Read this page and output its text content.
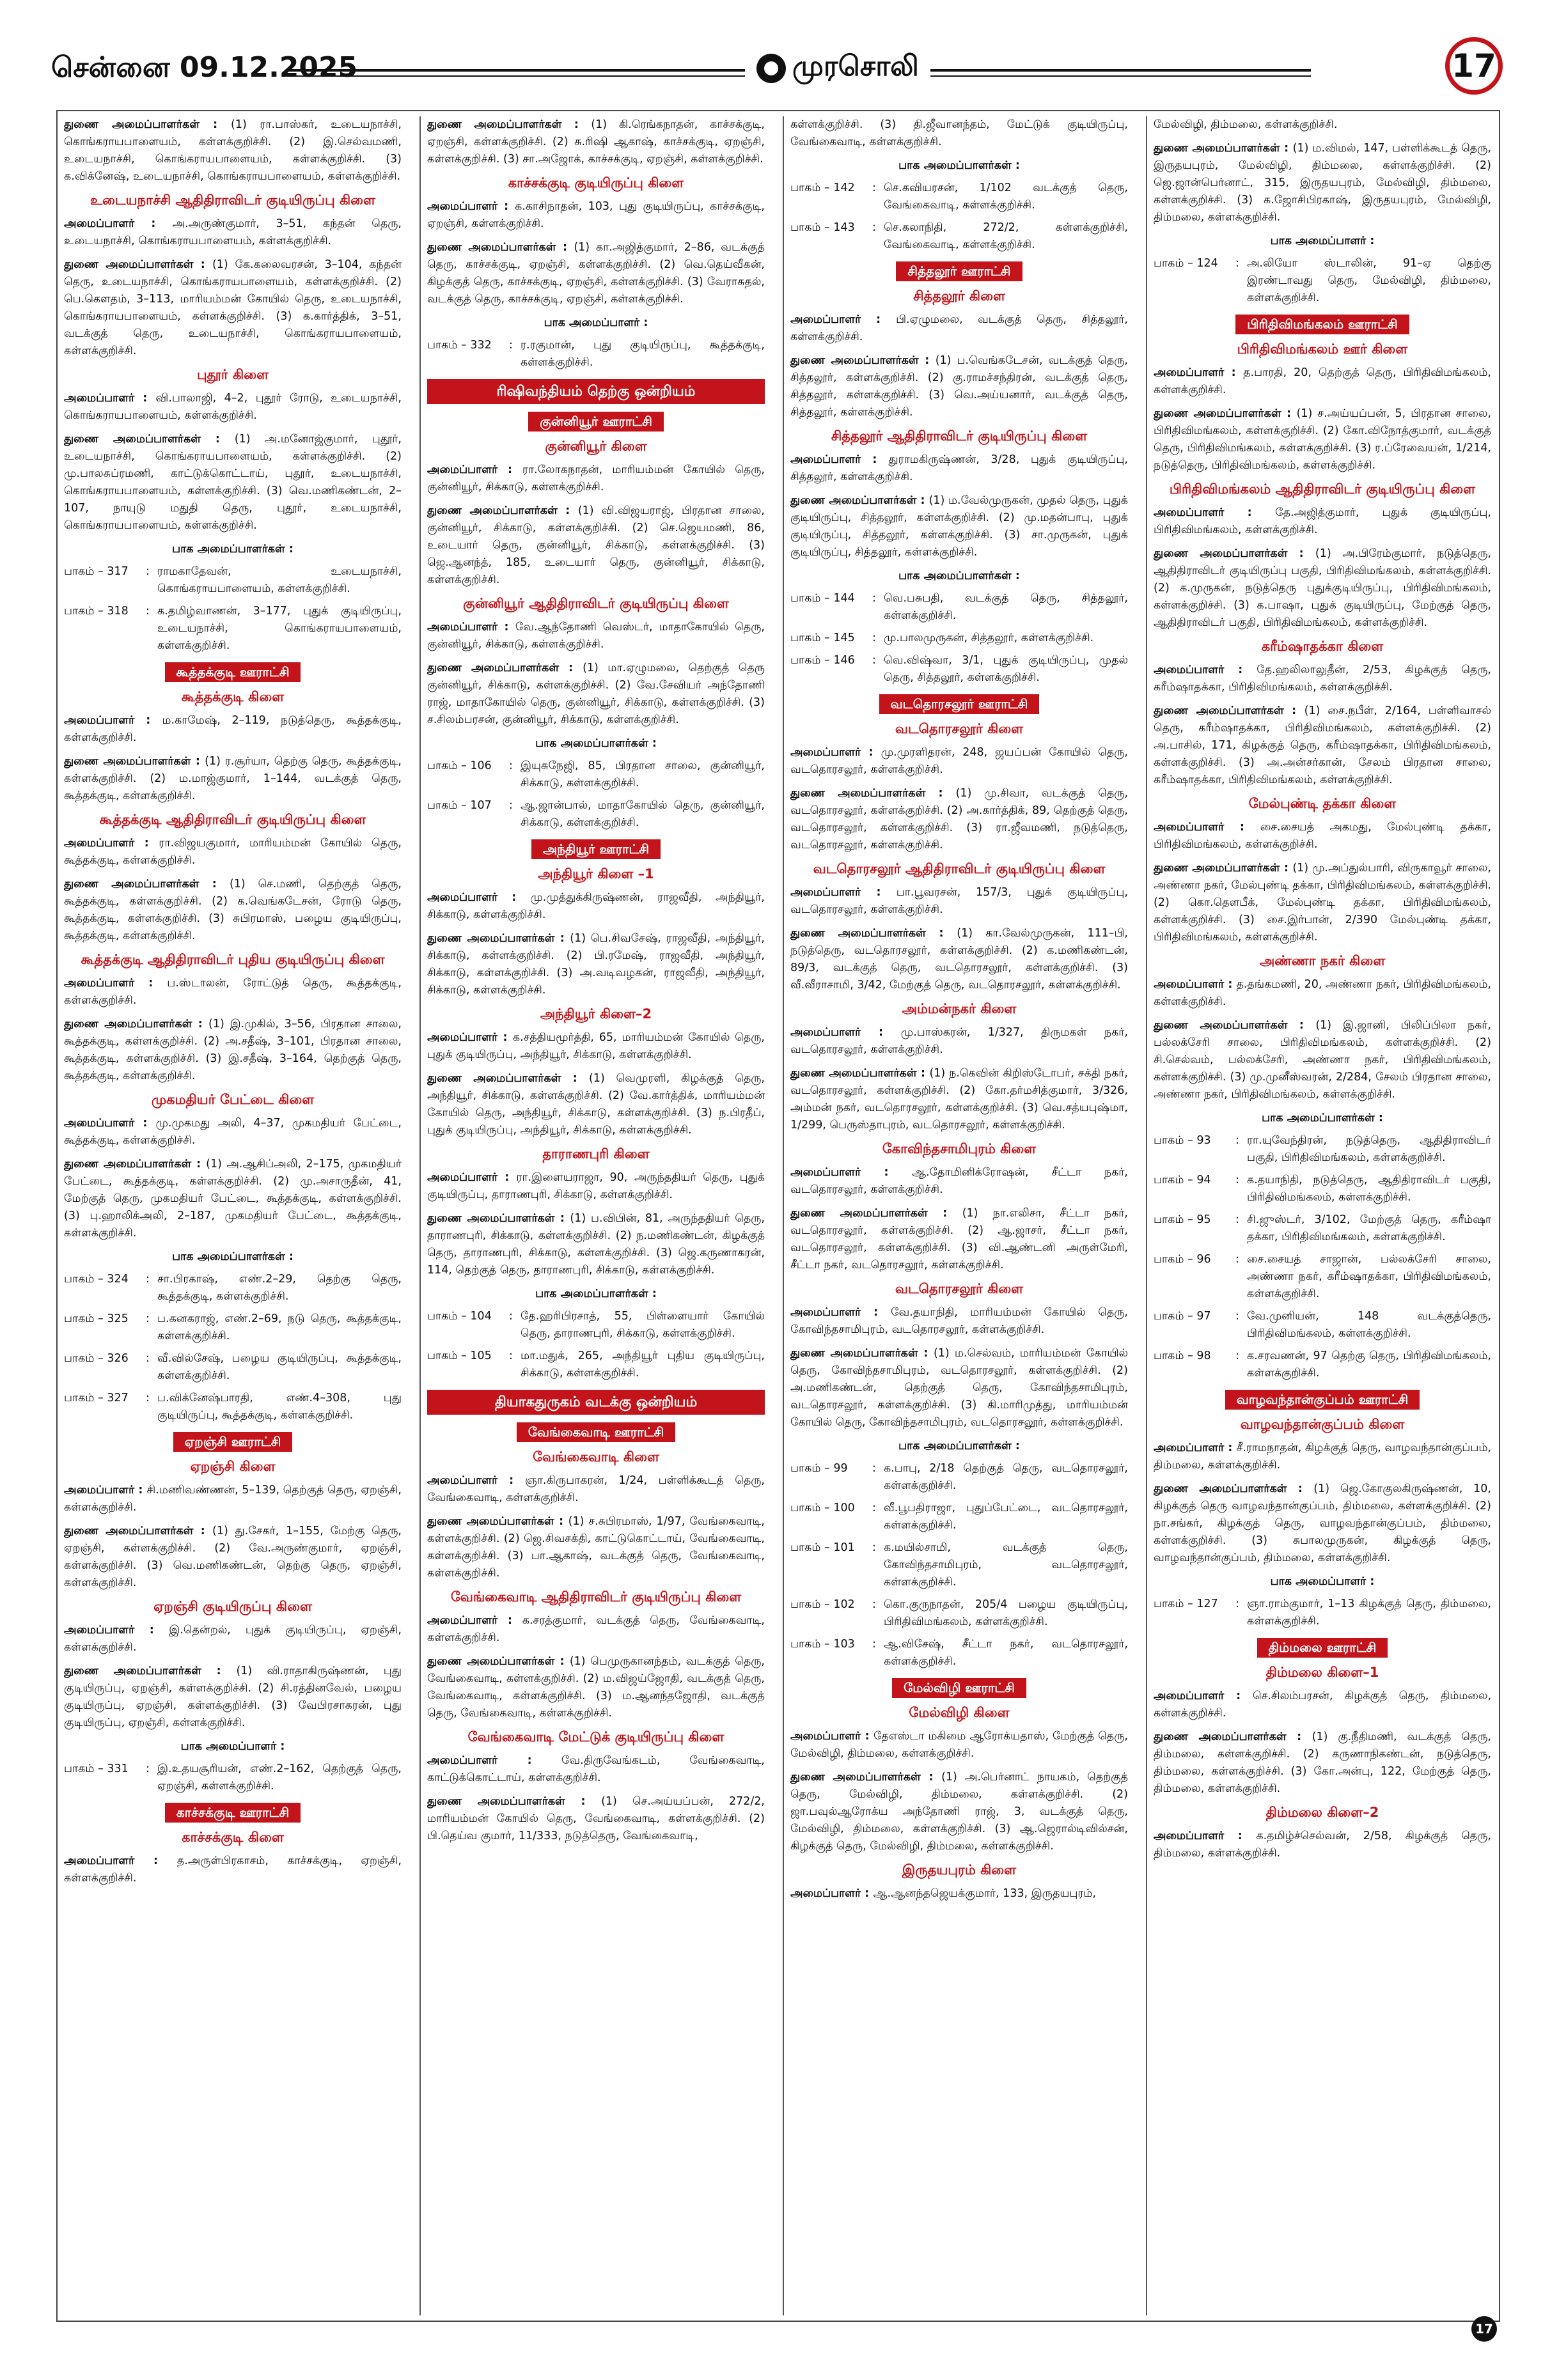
சென்னை 09.12.2025	முரசொலி	17

துணை அமைப்பாளர்கள் : (1) ரா.பாஸ்கர், உடையநாச்சி, கொங்கராயபாளையம், கள்ளக்குறிச்சி. (2) இ.செல்வமணி, உடையநாச்சி, கொங்கராயபாளையம், கள்ளக்குறிச்சி. (3) க.விக்னேஷ், உடையநாச்சி, கொங்கராயபாளையம், கள்ளக்குறிச்சி.

உடையநாச்சி ஆதிதிராவிடர் குடியிருப்பு கிளை

அமைப்பாளர் : அ.அருண்குமார், 3–51, கந்தன் தெரு, உடையநாச்சி, கொங்கராயபாளையம், கள்ளக்குறிச்சி.

துணை அமைப்பாளர்கள் : (1) கே.கலைவரசன், 3–104, கந்தன் தெரு, உடையநாச்சி, கொங்கராயபாளையம், கள்ளக்குறிச்சி. (2) பெ.கௌதம், 3–113, மாரியம்மன் கோயில் தெரு, உடையநாச்சி, கொங்கராயபாளையம், கள்ளக்குறிச்சி. (3) க.கார்த்திக், 3–51, வடக்குத் தெரு, உடையநாச்சி, கொங்கராயபாளையம், கள்ளக்குறிச்சி.

புதூர் கிளை

அமைப்பாளர் : வி.பாலாஜி, 4–2, புதூர் ரோடு, உடையநாச்சி, கொங்கராயபாளையம், கள்ளக்குறிச்சி.

துணை அமைப்பாளர்கள் : (1) அ.மனோஜ்குமார், புதூர், உடையநாச்சி, கொங்கராயபாளையம், கள்ளக்குறிச்சி. (2) மு.பாலசுப்ரமணி, காட்டுக்கொட்டாய், புதூர், உடையநாச்சி, கொங்கராயபாளையம், கள்ளக்குறிச்சி. (3) வெ.மணிகண்டன், 2–107, நாயுடு மதுதி தெரு, புதூர், உடையநாச்சி, கொங்கராயபாளையம், கள்ளக்குறிச்சி.

பாக அமைப்பாளர்கள் :
பாகம் – 317	: ராமகாதேவன், உடையநாச்சி, கொங்கராயபாளையம், கள்ளக்குறிச்சி.
பாகம் – 318	: க.தமிழ்வாணன், 3–177, புதுக் குடியிருப்பு, உடையநாச்சி, கொங்கராயபாளையம், கள்ளக்குறிச்சி.
கூத்தக்குடி ஊராட்சி
கூத்தக்குடி கிளை

அமைப்பாளர் : ம.காமேஷ், 2–119, நடுத்தெரு, கூத்தக்குடி, கள்ளக்குறிச்சி.

துணை அமைப்பாளர்கள் : (1) ர.சூர்யா, தெற்கு தெரு, கூத்தக்குடி, கள்ளக்குறிச்சி. (2) ம.மாஜ்குமார், 1–144, வடக்குத் தெரு, கூத்தக்குடி, கள்ளக்குறிச்சி.

கூத்தக்குடி ஆதிதிராவிடர் குடியிருப்பு கிளை

அமைப்பாளர் : ரா.விஜயகுமார், மாரியம்மன் கோயில் தெரு, கூத்தக்குடி, கள்ளக்குறிச்சி.

துணை அமைப்பாளர்கள் : (1) செ.மணி, தெற்குத் தெரு, கூத்தக்குடி, கள்ளக்குறிச்சி. (2) க.வெங்கடேசன், ரோடு தெரு, கூத்தக்குடி, கள்ளக்குறிச்சி. (3) சுபிரமாஸ், பழைய குடியிருப்பு, கூத்தக்குடி, கள்ளக்குறிச்சி.

கூத்தக்குடி ஆதிதிராவிடர் புதிய குடியிருப்பு கிளை

அமைப்பாளர் : ப.ஸ்டாலன், ரோட்டுத் தெரு, கூத்தக்குடி, கள்ளக்குறிச்சி.

துணை அமைப்பாளர்கள் : (1) இ.முகில், 3–56, பிரதான சாலை, கூத்தக்குடி, கள்ளக்குறிச்சி. (2) அ.சதீஷ், 3–101, பிரதான சாலை, கூத்தக்குடி, கள்ளக்குறிச்சி. (3) இ.சதீஷ், 3–164, தெற்குத் தெரு, கூத்தக்குடி, கள்ளக்குறிச்சி.

முகமதியர் பேட்டை கிளை

அமைப்பாளர் : மு.முகமது அலி, 4–37, முகமதியர் பேட்டை, கூத்தக்குடி, கள்ளக்குறிச்சி.

துணை அமைப்பாளர்கள் : (1) அ.ஆசிப்அலி, 2–175, முகமதியர் பேட்டை, கூத்தக்குடி, கள்ளக்குறிச்சி. (2) மு.அசாருதீன், 41, மேற்குத் தெரு, முகமதியர் பேட்டை, கூத்தக்குடி, கள்ளக்குறிச்சி. (3) பு.ஹாலிக்அலி, 2–187, முகமதியர் பேட்டை, கூத்தக்குடி, கள்ளக்குறிச்சி.

பாக அமைப்பாளர்கள் :
பாகம் – 324	: சா.பிரகாஷ், எண்.2–29, தெற்கு தெரு, கூத்தக்குடி, கள்ளக்குறிச்சி.
பாகம் – 325	: ப.கனகராஜ், எண்.2–69, நடு தெரு, கூத்தக்குடி, கள்ளக்குறிச்சி.
பாகம் – 326	: வீ.வில்சேஷ், பழைய குடியிருப்பு, கூத்தக்குடி, கள்ளக்குறிச்சி.
பாகம் – 327	: ப.விக்னேஷ்பாரதி, எண்.4–308, புது குடியிருப்பு, கூத்தக்குடி, கள்ளக்குறிச்சி.
ஏறஞ்சி ஊராட்சி
ஏறஞ்சி கிளை

அமைப்பாளர் : சி.மணிவண்ணன், 5–139, தெற்குத் தெரு, ஏறஞ்சி, கள்ளக்குறிச்சி.

துணை அமைப்பாளர்கள் : (1) து.சேகர், 1–155, மேற்கு தெரு, ஏறஞ்சி, கள்ளக்குறிச்சி. (2) வே.அருண்குமார், ஏறஞ்சி, கள்ளக்குறிச்சி. (3) வெ.மணிகண்டன், தெற்கு தெரு, ஏறஞ்சி, கள்ளக்குறிச்சி.

ஏறஞ்சி குடியிருப்பு கிளை

அமைப்பாளர் : இ.தென்றல், புதுக் குடியிருப்பு, ஏறஞ்சி, கள்ளக்குறிச்சி.

துணை அமைப்பாளர்கள் : (1) வி.ராதாகிருஷ்ணன், புது குடியிருப்பு, ஏறஞ்சி, கள்ளக்குறிச்சி. (2) சி.ரத்தினவேல், பழைய குடியிருப்பு, ஏறஞ்சி, கள்ளக்குறிச்சி. (3) வேபிரசாகரன், புது குடியிருப்பு, ஏறஞ்சி, கள்ளக்குறிச்சி.

பாக அமைப்பாளர் :
பாகம் – 331	: இ.உதயசூரியன், எண்.2–162, தெற்குத் தெரு, ஏறஞ்சி, கள்ளக்குறிச்சி.
காச்சக்குடி ஊராட்சி
காச்சக்குடி கிளை

அமைப்பாளர் : த.அருள்பிரகாசம், காச்சக்குடி, ஏறஞ்சி, கள்ளக்குறிச்சி.

துணை அமைப்பாளர்கள் : (1) கி.ரெங்கநாதன், காச்சக்குடி, ஏறஞ்சி, கள்ளக்குறிச்சி. (2) சு.ரிஷி ஆகாஷ், காச்சக்குடி, ஏறஞ்சி, கள்ளக்குறிச்சி. (3) சா.அஜோக், காச்சக்குடி, ஏறஞ்சி, கள்ளக்குறிச்சி.

காச்சக்குடி குடியிருப்பு கிளை

அமைப்பாளர் : க.காசிநாதன், 103, புது குடியிருப்பு, காச்சக்குடி, ஏறஞ்சி, கள்ளக்குறிச்சி.

துணை அமைப்பாளர்கள் : (1) கா.அஜித்குமார், 2–86, வடக்குத் தெரு, காச்சக்குடி, ஏறஞ்சி, கள்ளக்குறிச்சி. (2) வெ.தெய்வீகன், கிழக்குத் தெரு, காச்சக்குடி, ஏறஞ்சி, கள்ளக்குறிச்சி. (3) வேராசுதல், வடக்குத் தெரு, காச்சக்குடி, ஏறஞ்சி, கள்ளக்குறிச்சி.

பாக அமைப்பாளர் :
பாகம் – 332	: ர.ரகுமான், புது குடியிருப்பு, கூத்தக்குடி, கள்ளக்குறிச்சி.
ரிஷிவந்தியம் தெற்கு ஒன்றியம்
குன்னியூர் ஊராட்சி
குன்னியூர் கிளை

அமைப்பாளர் : ரா.லோகநாதன், மாரியம்மன் கோயில் தெரு, குன்னியூர், சிக்காடு, கள்ளக்குறிச்சி.

துணை அமைப்பாளர்கள் : (1) வி.விஜயராஜ், பிரதான சாலை, குன்னியூர், சிக்காடு, கள்ளக்குறிச்சி. (2) செ.ஜெயமணி, 86, உடையார் தெரு, குன்னியூர், சிக்காடு, கள்ளக்குறிச்சி. (3) ஜெ.ஆனந்த், 185, உடையார் தெரு, குன்னியூர், சிக்காடு, கள்ளக்குறிச்சி.

குன்னியூர் ஆதிதிராவிடர் குடியிருப்பு கிளை

அமைப்பாளர் : வே.ஆந்தோணி வெஸ்டர், மாதாகோயில் தெரு, குன்னியூர், சிக்காடு, கள்ளக்குறிச்சி.

துணை அமைப்பாளர்கள் : (1) மா.ஏழுமலை, தெற்குத் தெரு குன்னியூர், சிக்காடு, கள்ளக்குறிச்சி. (2) வே.சேவியர் அந்தோணி ராஜ், மாதாகோயில் தெரு, குன்னியூர், சிக்காடு, கள்ளக்குறிச்சி. (3) ச.சிலம்பரசன், குன்னியூர், சிக்காடு, கள்ளக்குறிச்சி.

பாக அமைப்பாளர்கள் :
பாகம் – 106	: இயுசுநேஜி, 85, பிரதான சாலை, குன்னியூர், சிக்காடு, கள்ளக்குறிச்சி.
பாகம் – 107	: ஆ.ஜான்பால், மாதாகோயில் தெரு, குன்னியூர், சிக்காடு, கள்ளக்குறிச்சி.
அந்தியூர் ஊராட்சி
அந்தியூர் கிளை –1

அமைப்பாளர் : மு.முத்துக்கிருஷ்ணன், ராஜவீதி, அந்தியூர், சிக்காடு, கள்ளக்குறிச்சி.

துணை அமைப்பாளர்கள் : (1) பெ.சிவசேஷ், ராஜவீதி, அந்தியூர், சிக்காடு, கள்ளக்குறிச்சி. (2) பி.ரமேஷ், ராஜவீதி, அந்தியூர், சிக்காடு, கள்ளக்குறிச்சி. (3) அ.வடிவழகன், ராஜவீதி, அந்தியூர், சிக்காடு, கள்ளக்குறிச்சி.

அந்தியூர் கிளை–2

அமைப்பாளர் : க.சத்தியமூர்த்தி, 65, மாரியம்மன் கோயில் தெரு, புதுக் குடியிருப்பு, அந்தியூர், சிக்காடு, கள்ளக்குறிச்சி.

துணை அமைப்பாளர்கள் : (1) வெமுரளி, கிழக்குத் தெரு, அந்தியூர், சிக்காடு, கள்ளக்குறிச்சி. (2) வே.கார்த்திக், மாரியம்மன் கோயில் தெரு, அந்தியூர், சிக்காடு, கள்ளக்குறிச்சி. (3) ந.பிரதீப், புதுக் குடியிருப்பு, அந்தியூர், சிக்காடு, கள்ளக்குறிச்சி.

தாராணபுரி கிளை

அமைப்பாளர் : ரா.இளையராஜா, 90, அருந்ததியர் தெரு, புதுக் குடியிருப்பு, தாராணபுரி, சிக்காடு, கள்ளக்குறிச்சி.

துணை அமைப்பாளர்கள் : (1) ப.விபின், 81, அருந்ததியர் தெரு, தாராணபுரி, சிக்காடு, கள்ளக்குறிச்சி. (2) ந.மணிகண்டன், கிழக்குத் தெரு, தாராணபுரி, சிக்காடு, கள்ளக்குறிச்சி. (3) ஜெ.கருணாகரன், 114, தெற்குத் தெரு, தாராணபுரி, சிக்காடு, கள்ளக்குறிச்சி.

பாக அமைப்பாளர்கள் :
பாகம் – 104	: தே.ஹரிபிரசாத், 55, பிள்ளையார் கோயில் தெரு, தாராணபுரி, சிக்காடு, கள்ளக்குறிச்சி.
பாகம் – 105	: மா.மதுக், 265, அந்தியூர் புதிய குடியிருப்பு, சிக்காடு, கள்ளக்குறிச்சி.
தியாகதுருகம் வடக்கு ஒன்றியம்
வேங்கைவாடி ஊராட்சி
வேங்கைவாடி கிளை

அமைப்பாளர் : ஞா.கிருபாகரன், 1/24, பள்ளிக்கூடத் தெரு, வேங்கைவாடி, கள்ளக்குறிச்சி.

துணை அமைப்பாளர்கள் : (1) ச.சுபிரமாஸ், 1/97, வேங்கைவாடி, கள்ளக்குறிச்சி. (2) ஜெ.சிவசக்தி, காட்டுகொட்டாய், வேங்கைவாடி, கள்ளக்குறிச்சி. (3) பா.ஆகாஷ், வடக்குத் தெரு, வேங்கைவாடி, கள்ளக்குறிச்சி.

வேங்கைவாடி ஆதிதிராவிடர் குடியிருப்பு கிளை

அமைப்பாளர் : க.சரத்குமார், வடக்குத் தெரு, வேங்கைவாடி, கள்ளக்குறிச்சி.

துணை அமைப்பாளர்கள் : (1) பெமுருகானந்தம், வடக்குத் தெரு, வேங்கைவாடி, கள்ளக்குறிச்சி. (2) ம.விஜய்ஜோதி, வடக்குத் தெரு, வேங்கைவாடி, கள்ளக்குறிச்சி. (3) ம.ஆனந்தஜோதி, வடக்குத் தெரு, வேங்கைவாடி, கள்ளக்குறிச்சி.

வேங்கைவாடி மேட்டுக் குடியிருப்பு கிளை

அமைப்பாளர் : வே.திருவேங்கடம், வேங்கைவாடி, காட்டுக்கொட்டாய், கள்ளக்குறிச்சி.

துணை அமைப்பாளர்கள் : (1) செ.அய்யப்பன், 272/2, மாரியம்மன் கோயில் தெரு, வேங்கைவாடி, கள்ளக்குறிச்சி. (2) பி.தெய்வ குமார், 11/333, நடுத்தெரு, வேங்கைவாடி,

கள்ளக்குறிச்சி. (3) தி.ஜீவானந்தம், மேட்டுக் குடியிருப்பு, வேங்கைவாடி, கள்ளக்குறிச்சி.

பாக அமைப்பாளர்கள் :
பாகம் – 142	: செ.கவியரசன், 1/102 வடக்குத் தெரு, வேங்கைவாடி, கள்ளக்குறிச்சி.
பாகம் – 143	: செ.கலாநிதி, 272/2, கள்ளக்குறிச்சி, வேங்கைவாடி, கள்ளக்குறிச்சி.
சித்தலூர் ஊராட்சி
சித்தலூர் கிளை

அமைப்பாளர் : பி.ஏழுமலை, வடக்குத் தெரு, சித்தலூர், கள்ளக்குறிச்சி.

துணை அமைப்பாளர்கள் : (1) ப.வெங்கடேசன், வடக்குத் தெரு, சித்தலூர், கள்ளக்குறிச்சி. (2) கு.ராமச்சந்திரன், வடக்குத் தெரு, சித்தலூர், கள்ளக்குறிச்சி. (3) வெ.அய்யனார், வடக்குத் தெரு, சித்தலூர், கள்ளக்குறிச்சி.

சித்தலூர் ஆதிதிராவிடர் குடியிருப்பு கிளை

அமைப்பாளர் : துராமகிருஷ்ணன், 3/28, புதுக் குடியிருப்பு, சித்தலூர், கள்ளக்குறிச்சி.

துணை அமைப்பாளர்கள் : (1) ம.வேல்முருகன், முதல் தெரு, புதுக் குடியிருப்பு, சித்தலூர், கள்ளக்குறிச்சி. (2) மு.மதன்பாபு, புதுக் குடியிருப்பு, சித்தலூர், கள்ளக்குறிச்சி. (3) சா.முருகன், புதுக் குடியிருப்பு, சித்தலூர், கள்ளக்குறிச்சி.

பாக அமைப்பாளர்கள் :
பாகம் – 144	: வெ.பசுபதி, வடக்குத் தெரு, சித்தலூர், கள்ளக்குறிச்சி.
பாகம் – 145	: மு.பாலமுருகன், சித்தலூர், கள்ளக்குறிச்சி.
பாகம் – 146	: வெ.விஷ்வா, 3/1, புதுக் குடியிருப்பு, முதல் தெரு, சித்தலூர், கள்ளக்குறிச்சி.
வடதொரசலூர் ஊராட்சி
வடதொரசலூர் கிளை

அமைப்பாளர் : மு.முரளிதரன், 248, ஜயப்பன் கோயில் தெரு, வடதொரசலூர், கள்ளக்குறிச்சி.

துணை அமைப்பாளர்கள் : (1) மு.சிவா, வடக்குத் தெரு, வடதொரசலூர், கள்ளக்குறிச்சி. (2) அ.கார்த்திக், 89, தெற்குத் தெரு, வடதொரசலூர், கள்ளக்குறிச்சி. (3) ரா.ஜீவமணி, நடுத்தெரு, வடதொரசலூர், கள்ளக்குறிச்சி.

வடதொரசலூர் ஆதிதிராவிடர் குடியிருப்பு கிளை

அமைப்பாளர் : பா.பூவரசன், 157/3, புதுக் குடியிருப்பு, வடதொரசலூர், கள்ளக்குறிச்சி.

துணை அமைப்பாளர்கள் : (1) கா.வேல்முருகன், 111–பி, நடுத்தெரு, வடதொரசலூர், கள்ளக்குறிச்சி. (2) க.மணிகண்டன், 89/3, வடக்குத் தெரு, வடதொரசலூர், கள்ளக்குறிச்சி. (3) வீ.வீராசாமி, 3/42, மேற்குத் தெரு, வடதொரசலூர், கள்ளக்குறிச்சி.

அம்மன்நகர் கிளை

அமைப்பாளர் : மு.பாஸ்கரன், 1/327, திருமகள் நகர், வடதொரசலூர், கள்ளக்குறிச்சி.

துணை அமைப்பாளர்கள் : (1) ந.கெவின் கிறிஸ்டோபர், சக்தி நகர், வடதொரசலூர், கள்ளக்குறிச்சி. (2) கோ.தர்மசித்குமார், 3/326, அம்மன் நகர், வடதொரசலூர், கள்ளக்குறிச்சி. (3) வெ.சத்யபுஷ்மா, 1/299, பெருஸ்தாபுரம், வடதொரசலூர், கள்ளக்குறிச்சி.

கோவிந்தசாமிபுரம் கிளை

அமைப்பாளர் : ஆ.தோமினிக்ரோஷன், சீட்டா நகர், வடதொரசலூர், கள்ளக்குறிச்சி.

துணை அமைப்பாளர்கள் : (1) நா.எலிசா, சீட்டா நகர், வடதொரசலூர், கள்ளக்குறிச்சி. (2) ஆ.ஜாசர், சீட்டா நகர், வடதொரசலூர், கள்ளக்குறிச்சி. (3) வி.ஆண்டனி அருள்மேரி, சீட்டா நகர், வடதொரசலூர், கள்ளக்குறிச்சி.

வடதொரசலூர் கிளை

அமைப்பாளர் : வே.தயாநிதி, மாரியம்மன் கோயில் தெரு, கோவிந்தசாமிபுரம், வடதொரசலூர், கள்ளக்குறிச்சி.

துணை அமைப்பாளர்கள் : (1) ம.செல்வம், மாரியம்மன் கோயில் தெரு, கோவிந்தசாமிபுரம், வடதொரசலூர், கள்ளக்குறிச்சி. (2) அ.மணிகண்டன், தெற்குத் தெரு, கோவிந்தசாமிபுரம், வடதொரசலூர், கள்ளக்குறிச்சி. (3) கி.மாரிமுத்து, மாரியம்மன் கோயில் தெரு, கோவிந்தசாமிபுரம், வடதொரசலூர், கள்ளக்குறிச்சி.

பாக அமைப்பாளர்கள் :
பாகம் – 99	: க.பாபு, 2/18 தெற்குத் தெரு, வடதொரசலூர், கள்ளக்குறிச்சி.
பாகம் – 100	: வீ.பூபதிராஜா, புதுப்பேட்டை, வடதொரசலூர், கள்ளக்குறிச்சி.
பாகம் – 101	: க.மயில்சாமி, வடக்குத் தெரு, கோவிந்தசாமிபுரம், வடதொரசலூர், கள்ளக்குறிச்சி.
பாகம் – 102	: கொ.குருநாதன், 205/4 பழைய குடியிருப்பு, பிரிதிவிமங்கலம், கள்ளக்குறிச்சி.
பாகம் – 103	: ஆ.விசேஷ், சீட்டா நகர், வடதொரசலூர், கள்ளக்குறிச்சி.
மேல்விழி ஊராட்சி
மேல்விழி கிளை

அமைப்பாளர் : தேஎஸ்டா மகிமை ஆரோக்யதாஸ், மேற்குத் தெரு, மேல்விழி, திம்மலை, கள்ளக்குறிச்சி.

துணை அமைப்பாளர்கள் : (1) அ.பெர்னாட் நாயகம், தெற்குத் தெரு, மேல்விழி, திம்மலை, கள்ளக்குறிச்சி. (2) ஜா.பவுல்ஆரோக்ய அந்தோணி ராஜ், 3, வடக்குத் தெரு, மேல்விழி, திம்மலை, கள்ளக்குறிச்சி. (3) ஆ.ஜெரால்டிவில்சன், கிழக்குத் தெரு, மேல்விழி, திம்மலை, கள்ளக்குறிச்சி.

இருதயபுரம் கிளை

அமைப்பாளர் : ஆ.ஆனந்தஜெயக்குமார், 133, இருதயபுரம்,

மேல்விழி, திம்மலை, கள்ளக்குறிச்சி.

துணை அமைப்பாளர்கள் : (1) ம.விமல், 147, பள்ளிக்கூடத் தெரு, இருதயபுரம், மேல்விழி, திம்மலை, கள்ளக்குறிச்சி. (2) ஜெ.ஜான்பெர்னாட், 315, இருதயபுரம், மேல்விழி, திம்மலை, கள்ளக்குறிச்சி. (3) க.ஜோசிபிரகாஷ், இருதயபுரம், மேல்விழி, திம்மலை, கள்ளக்குறிச்சி.

பாக அமைப்பாளர் :
பாகம் – 124	: அ.லியோ ஸ்டாலின், 91–ஏ தெற்கு இரண்டாவது தெரு, மேல்விழி, திம்மலை, கள்ளக்குறிச்சி.
பிரிதிவிமங்கலம் ஊராட்சி
பிரிதிவிமங்கலம் ஊர் கிளை

அமைப்பாளர் : த.பாரதி, 20, தெற்குத் தெரு, பிரிதிவிமங்கலம், கள்ளக்குறிச்சி.

துணை அமைப்பாளர்கள் : (1) ச.அய்யப்பன், 5, பிரதான சாலை, பிரிதிவிமங்கலம், கள்ளக்குறிச்சி. (2) கோ.விநோத்குமார், வடக்குத் தெரு, பிரிதிவிமங்கலம், கள்ளக்குறிச்சி. (3) ர.ப்ரேவையன், 1/214, நடுத்தெரு, பிரிதிவிமங்கலம், கள்ளக்குறிச்சி.

பிரிதிவிமங்கலம் ஆதிதிராவிடர் குடியிருப்பு கிளை

அமைப்பாளர் : தே.அஜித்குமார், புதுக் குடியிருப்பு, பிரிதிவிமங்கலம், கள்ளக்குறிச்சி.

துணை அமைப்பாளர்கள் : (1) அ.பிரேம்குமார், நடுத்தெரு, ஆதிதிராவிடர் குடியிருப்பு பகுதி, பிரிதிவிமங்கலம், கள்ளக்குறிச்சி. (2) க.முருகன், நடுத்தெரு புதுக்குடியிருப்பு, பிரிதிவிமங்கலம், கள்ளக்குறிச்சி. (3) க.பாஷா, புதுக் குடியிருப்பு, மேற்குத் தெரு, ஆதிதிராவிடர் பகுதி, பிரிதிவிமங்கலம், கள்ளக்குறிச்சி.

கரீம்ஷாதக்கா கிளை

அமைப்பாளர் : தே.ஹலிலாலுதீன், 2/53, கிழக்குத் தெரு, கரீம்ஷாதக்கா, பிரிதிவிமங்கலம், கள்ளக்குறிச்சி.

துணை அமைப்பாளர்கள் : (1) சை.நபீள், 2/164, பள்ளிவாசல் தெரு, கரீம்ஷாதக்கா, பிரிதிவிமங்கலம், கள்ளக்குறிச்சி. (2) அ.பாசில், 171, கிழக்குத் தெரு, கரீம்ஷாதக்கா, பிரிதிவிமங்கலம், கள்ளக்குறிச்சி. (3) அ.அன்சர்கான், சேலம் பிரதான சாலை, கரீம்ஷாதக்கா, பிரிதிவிமங்கலம், கள்ளக்குறிச்சி.

மேல்புண்டி தக்கா கிளை

அமைப்பாளர் : சை.சையத் அகமது, மேல்புண்டி தக்கா, பிரிதிவிமங்கலம், கள்ளக்குறிச்சி.

துணை அமைப்பாளர்கள் : (1) மு.அப்துல்பாரி, விருகாவூர் சாலை, அண்ணா நகர், மேல்புண்டி தக்கா, பிரிதிவிமங்கலம், கள்ளக்குறிச்சி. (2) கொ.தௌபீக், மேல்புண்டி தக்கா, பிரிதிவிமங்கலம், கள்ளக்குறிச்சி. (3) சை.இர்பான், 2/390 மேல்புண்டி தக்கா, பிரிதிவிமங்கலம், கள்ளக்குறிச்சி.

அண்ணா நகர் கிளை

அமைப்பாளர் : த.தங்கமணி, 20, அண்ணா நகர், பிரிதிவிமங்கலம், கள்ளக்குறிச்சி.

துணை அமைப்பாளர்கள் : (1) இ.ஜானி, பிலிப்பிலா நகர், பல்லக்சேரி சாலை, பிரிதிவிமங்கலம், கள்ளக்குறிச்சி. (2) சி.செல்வம், பல்லக்சேரி, அண்ணா நகர், பிரிதிவிமங்கலம், கள்ளக்குறிச்சி. (3) மு.முனீஸ்வரன், 2/284, சேலம் பிரதான சாலை, அண்ணா நகர், பிரிதிவிமங்கலம், கள்ளக்குறிச்சி.

பாக அமைப்பாளர்கள் :
பாகம் – 93	: ரா.யுவேந்திரன், நடுத்தெரு, ஆதிதிராவிடர் பகுதி, பிரிதிவிமங்கலம், கள்ளக்குறிச்சி.
பாகம் – 94	: க.தயாநிதி, நடுத்தெரு, ஆதிதிராவிடர் பகுதி, பிரிதிவிமங்கலம், கள்ளக்குறிச்சி.
பாகம் – 95	: சி.ஜுஸ்டர், 3/102, மேற்குத் தெரு, கரீம்ஷா தக்கா, பிரிதிவிமங்கலம், கள்ளக்குறிச்சி.
பாகம் – 96	: சை.சையத் சாஜான், பல்லக்சேரி சாலை, அண்ணா நகர், கரீம்ஷாதக்கா, பிரிதிவிமங்கலம், கள்ளக்குறிச்சி.
பாகம் – 97	: வே.முனியன், 148 வடக்குத்தெரு, பிரிதிவிமங்கலம், கள்ளக்குறிச்சி.
பாகம் – 98	: க.சரவணன், 97 தெற்கு தெரு, பிரிதிவிமங்கலம், கள்ளக்குறிச்சி.
வாழவந்தான்குப்பம் ஊராட்சி
வாழவந்தான்குப்பம் கிளை

அமைப்பாளர் : சீ.ராமநாதன், கிழக்குத் தெரு, வாழவந்தான்குப்பம், திம்மலை, கள்ளக்குறிச்சி.

துணை அமைப்பாளர்கள் : (1) ஜெ.கோகுலகிருஷ்ணன், 10, கிழக்குத் தெரு வாழவந்தான்குப்பம், திம்மலை, கள்ளக்குறிச்சி. (2) நா.சங்கர், கிழக்குத் தெரு, வாழவந்தான்குப்பம், திம்மலை, கள்ளக்குறிச்சி. (3) சுபாலமுருகன், கிழக்குத் தெரு, வாழவந்தான்குப்பம், திம்மலை, கள்ளக்குறிச்சி.

பாக அமைப்பாளர் :
பாகம் – 127	: ஞா.ராம்குமார், 1–13 கிழக்குத் தெரு, திம்மலை, கள்ளக்குறிச்சி.
திம்மலை ஊராட்சி
திம்மலை கிளை–1

அமைப்பாளர் : செ.சிலம்பரசன், கிழக்குத் தெரு, திம்மலை, கள்ளக்குறிச்சி.

துணை அமைப்பாளர்கள் : (1) கு.நீதிமணி, வடக்குத் தெரு, திம்மலை, கள்ளக்குறிச்சி. (2) கருணாநிகண்டன், நடுத்தெரு, திம்மலை, கள்ளக்குறிச்சி. (3) கோ.அன்பு, 122, மேற்குத் தெரு, திம்மலை, கள்ளக்குறிச்சி.

திம்மலை கிளை–2

அமைப்பாளர் : க.தமிழ்ச்செல்வன், 2/58, கிழக்குத் தெரு, திம்மலை, கள்ளக்குறிச்சி.

17
